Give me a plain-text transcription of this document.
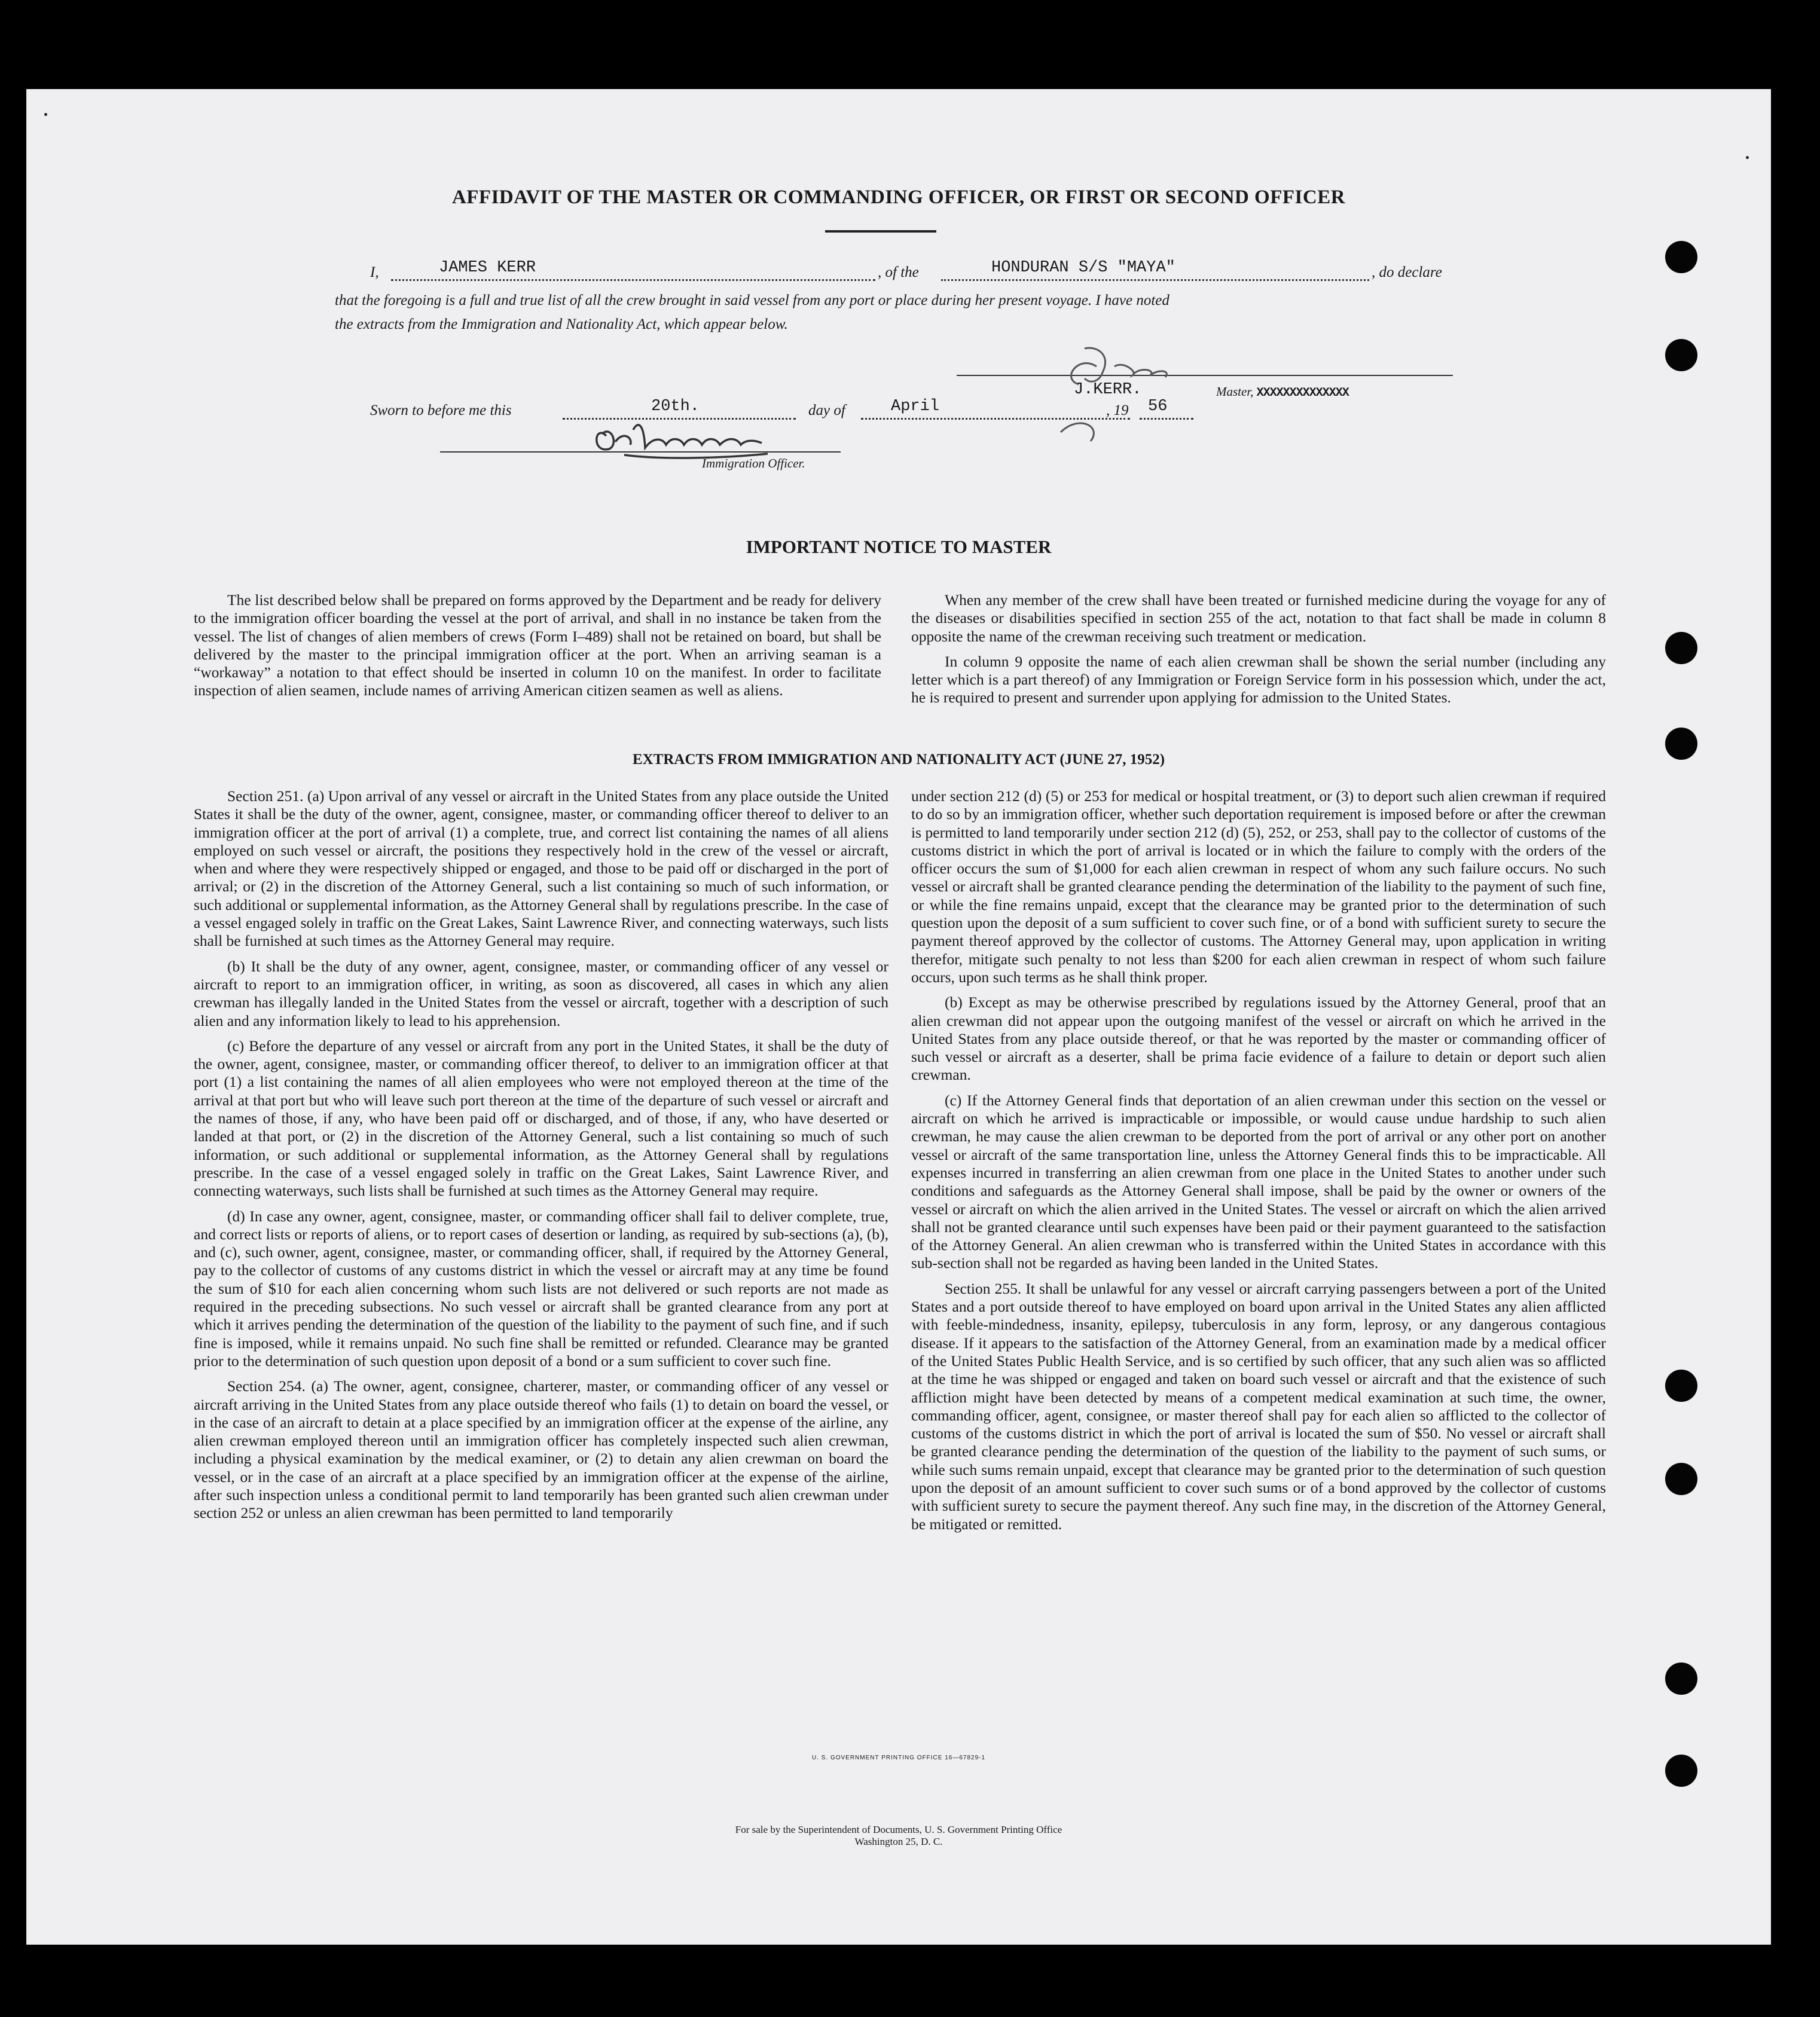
AFFIDAVIT OF THE MASTER OR COMMANDING OFFICER, OR FIRST OR SECOND OFFICER
I,	JAMES KERR	, of the	HONDURAN S/S "MAYA"	, do declare
that the foregoing is a full and true list of all the crew brought in said vessel from any port or place during her present voyage. I have noted
the extracts from the Immigration and Nationality Act, which appear below.
J.KERR.	Master, XXXXXXXXXXXXXX
Sworn to before me this	20th.	day of	April	, 19 56
Immigration Officer.
IMPORTANT NOTICE TO MASTER

The list described below shall be prepared on forms approved by the Department and be ready for delivery to the immigration officer boarding the vessel at the port of arrival, and shall in no instance be taken from the vessel. The list of changes of alien members of crews (Form I–489) shall not be retained on board, but shall be delivered by the master to the principal immigration officer at the port. When an arriving seaman is a “workaway” a notation to that effect should be inserted in column 10 on the manifest. In order to facilitate inspection of alien seamen, include names of arriving American citizen seamen as well as aliens.

When any member of the crew shall have been treated or furnished medicine during the voyage for any of the diseases or disabilities specified in section 255 of the act, notation to that fact shall be made in column 8 opposite the name of the crewman receiving such treatment or medication.

In column 9 opposite the name of each alien crewman shall be shown the serial number (including any letter which is a part thereof) of any Immigration or Foreign Service form in his possession which, under the act, he is required to present and surrender upon applying for admission to the United States.

EXTRACTS FROM IMMIGRATION AND NATIONALITY ACT (JUNE 27, 1952)

Section 251. (a) Upon arrival of any vessel or aircraft in the United States from any place outside the United States it shall be the duty of the owner, agent, consignee, master, or commanding officer thereof to deliver to an immigration officer at the port of arrival (1) a complete, true, and correct list containing the names of all aliens employed on such vessel or aircraft, the positions they respectively hold in the crew of the vessel or aircraft, when and where they were respectively shipped or engaged, and those to be paid off or discharged in the port of arrival; or (2) in the discretion of the Attorney General, such a list containing so much of such information, or such additional or supplemental information, as the Attorney General shall by regulations prescribe. In the case of a vessel engaged solely in traffic on the Great Lakes, Saint Lawrence River, and connecting waterways, such lists shall be furnished at such times as the Attorney General may require.

(b) It shall be the duty of any owner, agent, consignee, master, or commanding officer of any vessel or aircraft to report to an immigration officer, in writing, as soon as discovered, all cases in which any alien crewman has illegally landed in the United States from the vessel or aircraft, together with a description of such alien and any information likely to lead to his apprehension.

(c) Before the departure of any vessel or aircraft from any port in the United States, it shall be the duty of the owner, agent, consignee, master, or commanding officer thereof, to deliver to an immigration officer at that port (1) a list containing the names of all alien employees who were not employed thereon at the time of the arrival at that port but who will leave such port thereon at the time of the departure of such vessel or aircraft and the names of those, if any, who have been paid off or discharged, and of those, if any, who have deserted or landed at that port, or (2) in the discretion of the Attorney General, such a list containing so much of such information, or such additional or supplemental information, as the Attorney General shall by regulations prescribe. In the case of a vessel engaged solely in traffic on the Great Lakes, Saint Lawrence River, and connecting waterways, such lists shall be furnished at such times as the Attorney General may require.

(d) In case any owner, agent, consignee, master, or commanding officer shall fail to deliver complete, true, and correct lists or reports of aliens, or to report cases of desertion or landing, as required by sub-sections (a), (b), and (c), such owner, agent, consignee, master, or commanding officer, shall, if required by the Attorney General, pay to the collector of customs of any customs district in which the vessel or aircraft may at any time be found the sum of $10 for each alien concerning whom such lists are not delivered or such reports are not made as required in the preceding subsections. No such vessel or aircraft shall be granted clearance from any port at which it arrives pending the determination of the question of the liability to the payment of such fine, and if such fine is imposed, while it remains unpaid. No such fine shall be remitted or refunded. Clearance may be granted prior to the determination of such question upon deposit of a bond or a sum sufficient to cover such fine.

Section 254. (a) The owner, agent, consignee, charterer, master, or commanding officer of any vessel or aircraft arriving in the United States from any place outside thereof who fails (1) to detain on board the vessel, or in the case of an aircraft to detain at a place specified by an immigration officer at the expense of the airline, any alien crewman employed thereon until an immigration officer has completely inspected such alien crewman, including a physical examination by the medical examiner, or (2) to detain any alien crewman on board the vessel, or in the case of an aircraft at a place specified by an immigration officer at the expense of the airline, after such inspection unless a conditional permit to land temporarily has been granted such alien crewman under section 252 or unless an alien crewman has been permitted to land temporarily

under section 212 (d) (5) or 253 for medical or hospital treatment, or (3) to deport such alien crewman if required to do so by an immigration officer, whether such deportation requirement is imposed before or after the crewman is permitted to land temporarily under section 212 (d) (5), 252, or 253, shall pay to the collector of customs of the customs district in which the port of arrival is located or in which the failure to comply with the orders of the officer occurs the sum of $1,000 for each alien crewman in respect of whom any such failure occurs. No such vessel or aircraft shall be granted clearance pending the determination of the liability to the payment of such fine, or while the fine remains unpaid, except that the clearance may be granted prior to the determination of such question upon the deposit of a sum sufficient to cover such fine, or of a bond with sufficient surety to secure the payment thereof approved by the collector of customs. The Attorney General may, upon application in writing therefor, mitigate such penalty to not less than $200 for each alien crewman in respect of whom such failure occurs, upon such terms as he shall think proper.

(b) Except as may be otherwise prescribed by regulations issued by the Attorney General, proof that an alien crewman did not appear upon the outgoing manifest of the vessel or aircraft on which he arrived in the United States from any place outside thereof, or that he was reported by the master or commanding officer of such vessel or aircraft as a deserter, shall be prima facie evidence of a failure to detain or deport such alien crewman.

(c) If the Attorney General finds that deportation of an alien crewman under this section on the vessel or aircraft on which he arrived is impracticable or impossible, or would cause undue hardship to such alien crewman, he may cause the alien crewman to be deported from the port of arrival or any other port on another vessel or aircraft of the same transportation line, unless the Attorney General finds this to be impracticable. All expenses incurred in transferring an alien crewman from one place in the United States to another under such conditions and safeguards as the Attorney General shall impose, shall be paid by the owner or owners of the vessel or aircraft on which the alien arrived in the United States. The vessel or aircraft on which the alien arrived shall not be granted clearance until such expenses have been paid or their payment guaranteed to the satisfaction of the Attorney General. An alien crewman who is transferred within the United States in accordance with this sub-section shall not be regarded as having been landed in the United States.

Section 255. It shall be unlawful for any vessel or aircraft carrying passengers between a port of the United States and a port outside thereof to have employed on board upon arrival in the United States any alien afflicted with feeble-mindedness, insanity, epilepsy, tuberculosis in any form, leprosy, or any dangerous contagious disease. If it appears to the satisfaction of the Attorney General, from an examination made by a medical officer of the United States Public Health Service, and is so certified by such officer, that any such alien was so afflicted at the time he was shipped or engaged and taken on board such vessel or aircraft and that the existence of such affliction might have been detected by means of a competent medical examination at such time, the owner, commanding officer, agent, consignee, or master thereof shall pay for each alien so afflicted to the collector of customs of the customs district in which the port of arrival is located the sum of $50. No vessel or aircraft shall be granted clearance pending the determination of the question of the liability to the payment of such sums, or while such sums remain unpaid, except that clearance may be granted prior to the determination of such question upon the deposit of an amount sufficient to cover such sums or of a bond approved by the collector of customs with sufficient surety to secure the payment thereof. Any such fine may, in the discretion of the Attorney General, be mitigated or remitted.

U. S. GOVERNMENT PRINTING OFFICE 16—67829-1
For sale by the Superintendent of Documents, U. S. Government Printing Office
Washington 25, D. C.
